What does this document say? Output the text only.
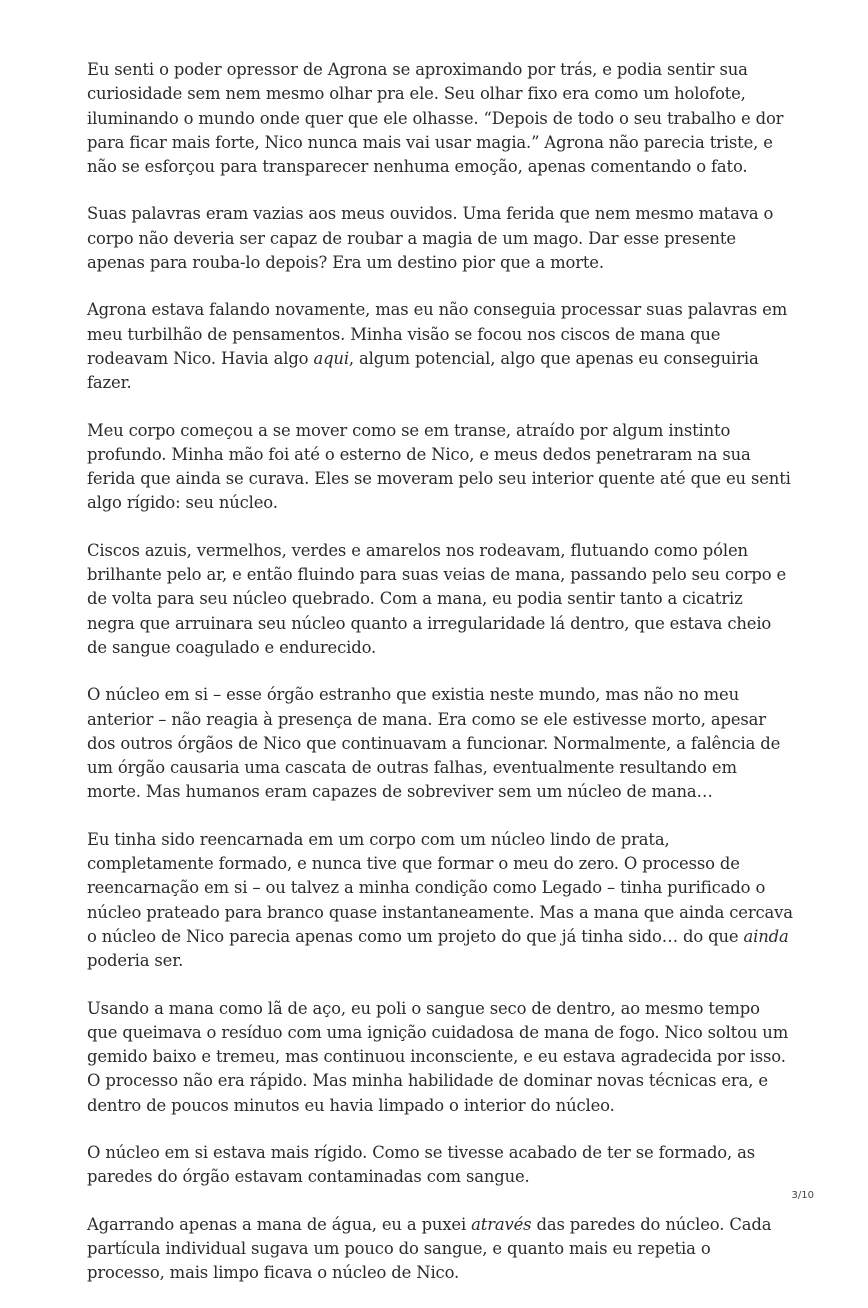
Eu senti o poder opressor de Agrona se aproximando por trás, e podia sentir sua curiosidade sem nem mesmo olhar pra ele. Seu olhar fixo era como um holofote, iluminando o mundo onde quer que ele olhasse. “Depois de todo o seu trabalho e dor para ficar mais forte, Nico nunca mais vai usar magia.” Agrona não parecia triste, e não se esforçou para transparecer nenhuma emoção, apenas comentando o fato.

Suas palavras eram vazias aos meus ouvidos. Uma ferida que nem mesmo matava o corpo não deveria ser capaz de roubar a magia de um mago. Dar esse presente apenas para rouba-lo depois? Era um destino pior que a morte.

Agrona estava falando novamente, mas eu não conseguia processar suas palavras em meu turbilhão de pensamentos. Minha visão se focou nos ciscos de mana que rodeavam Nico. Havia algo aqui, algum potencial, algo que apenas eu conseguiria fazer.

Meu corpo começou a se mover como se em transe, atraído por algum instinto profundo. Minha mão foi até o esterno de Nico, e meus dedos penetraram na sua ferida que ainda se curava. Eles se moveram pelo seu interior quente até que eu senti algo rígido: seu núcleo.

Ciscos azuis, vermelhos, verdes e amarelos nos rodeavam, flutuando como pólen brilhante pelo ar, e então fluindo para suas veias de mana, passando pelo seu corpo e de volta para seu núcleo quebrado. Com a mana, eu podia sentir tanto a cicatriz negra que arruinara seu núcleo quanto a irregularidade lá dentro, que estava cheio de sangue coagulado e endurecido.

O núcleo em si – esse órgão estranho que existia neste mundo, mas não no meu anterior – não reagia à presença de mana. Era como se ele estivesse morto, apesar dos outros órgãos de Nico que continuavam a funcionar. Normalmente, a falência de um órgão causaria uma cascata de outras falhas, eventualmente resultando em morte. Mas humanos eram capazes de sobreviver sem um núcleo de mana…

Eu tinha sido reencarnada em um corpo com um núcleo lindo de prata, completamente formado, e nunca tive que formar o meu do zero. O processo de reencarnação em si – ou talvez a minha condição como Legado – tinha purificado o núcleo prateado para branco quase instantaneamente. Mas a mana que ainda cercava o núcleo de Nico parecia apenas como um projeto do que já tinha sido… do que ainda poderia ser.

Usando a mana como lã de aço, eu poli o sangue seco de dentro, ao mesmo tempo que queimava o resíduo com uma ignição cuidadosa de mana de fogo. Nico soltou um gemido baixo e tremeu, mas continuou inconsciente, e eu estava agradecida por isso. O processo não era rápido. Mas minha habilidade de dominar novas técnicas era, e dentro de poucos minutos eu havia limpado o interior do núcleo.

O núcleo em si estava mais rígido. Como se tivesse acabado de ter se formado, as paredes do órgão estavam contaminadas com sangue.

Agarrando apenas a mana de água, eu a puxei através das paredes do núcleo. Cada partícula individual sugava um pouco do sangue, e quanto mais eu repetia o processo, mais limpo ficava o núcleo de Nico.

3/10
